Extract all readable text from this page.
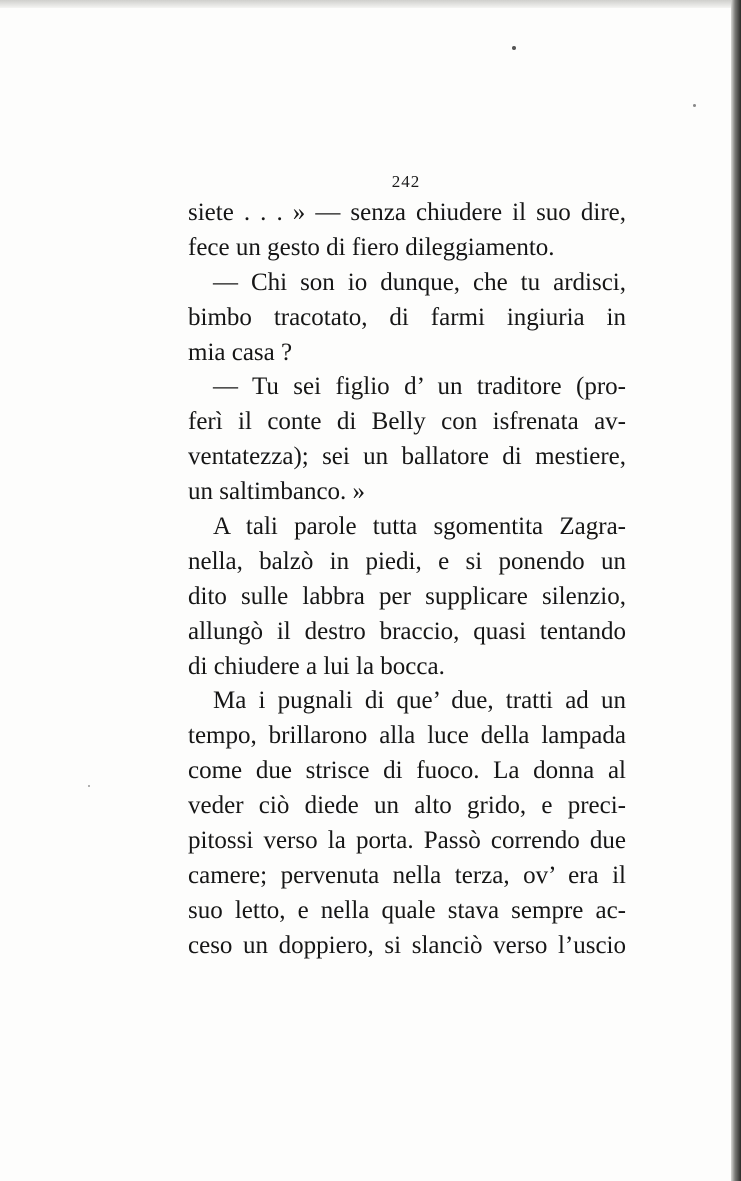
242
siete . . . » — senza chiudere il suo dire,
fece un gesto di fiero dileggiamento.
— Chi son io dunque, che tu ardisci,
bimbo tracotato, di farmi ingiuria in
mia casa ?
— Tu sei figlio d’ un traditore (pro-
ferì il conte di Belly con isfrenata av-
ventatezza); sei un ballatore di mestiere,
un saltimbanco. »
A tali parole tutta sgomentita Zagra-
nella, balzò in piedi, e si ponendo un
dito sulle labbra per supplicare silenzio,
allungò il destro braccio, quasi tentando
di chiudere a lui la bocca.
Ma i pugnali di que’ due, tratti ad un
tempo, brillarono alla luce della lampada
come due strisce di fuoco. La donna al
veder ciò diede un alto grido, e preci-
pitossi verso la porta. Passò correndo due
camere; pervenuta nella terza, ov’ era il
suo letto, e nella quale stava sempre ac-
ceso un doppiero, si slanciò verso l’uscio
